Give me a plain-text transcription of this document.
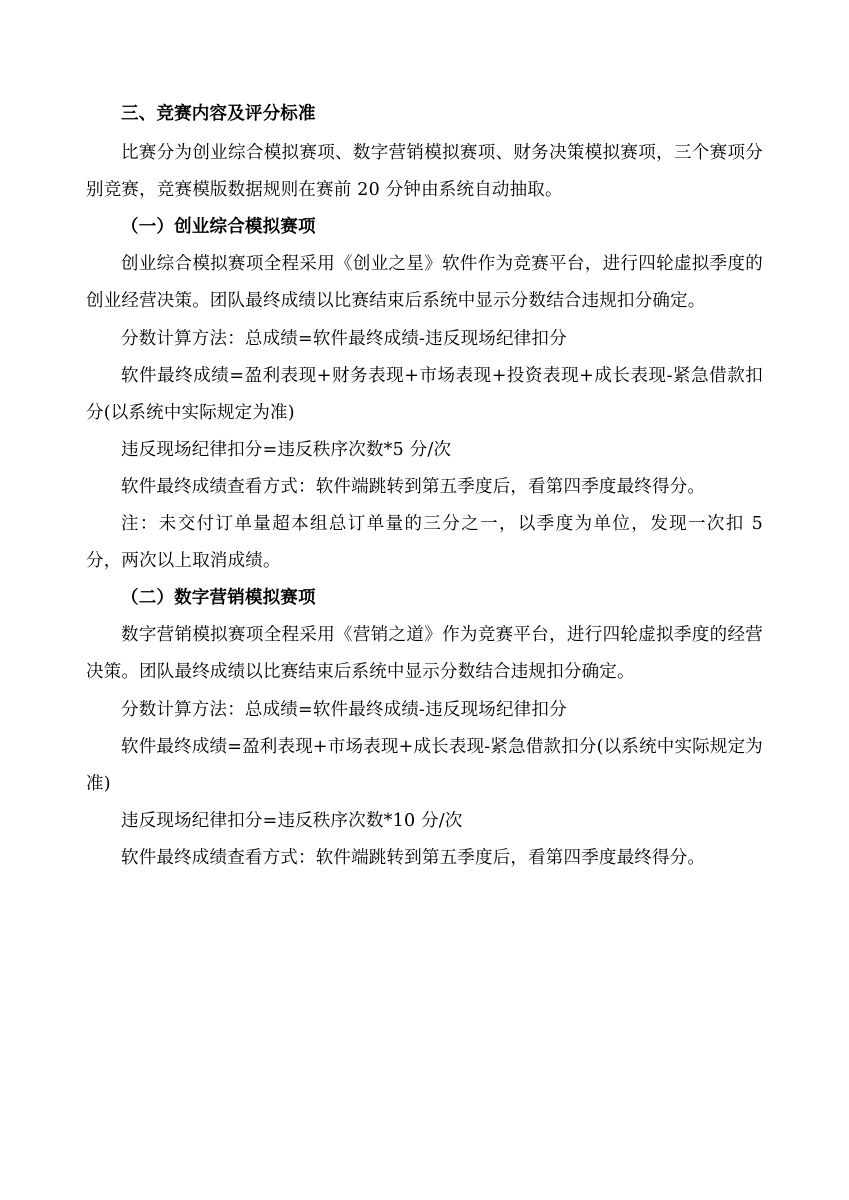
三、竞赛内容及评分标准

比赛分为创业综合模拟赛项、数字营销模拟赛项、财务决策模拟赛项，三个赛项分别竞赛，竞赛模版数据规则在赛前 20 分钟由系统自动抽取。

（一）创业综合模拟赛项

创业综合模拟赛项全程采用《创业之星》软件作为竞赛平台，进行四轮虚拟季度的创业经营决策。团队最终成绩以比赛结束后系统中显示分数结合违规扣分确定。

分数计算方法：总成绩=软件最终成绩-违反现场纪律扣分

软件最终成绩=盈利表现+财务表现+市场表现+投资表现+成长表现-紧急借款扣分(以系统中实际规定为准)

违反现场纪律扣分=违反秩序次数*5 分/次

软件最终成绩查看方式：软件端跳转到第五季度后，看第四季度最终得分。

注：未交付订单量超本组总订单量的三分之一，以季度为单位，发现一次扣 5 分，两次以上取消成绩。

（二）数字营销模拟赛项

数字营销模拟赛项全程采用《营销之道》作为竞赛平台，进行四轮虚拟季度的经营决策。团队最终成绩以比赛结束后系统中显示分数结合违规扣分确定。

分数计算方法：总成绩=软件最终成绩-违反现场纪律扣分

软件最终成绩=盈利表现+市场表现+成长表现-紧急借款扣分(以系统中实际规定为准)

违反现场纪律扣分=违反秩序次数*10 分/次

软件最终成绩查看方式：软件端跳转到第五季度后，看第四季度最终得分。
